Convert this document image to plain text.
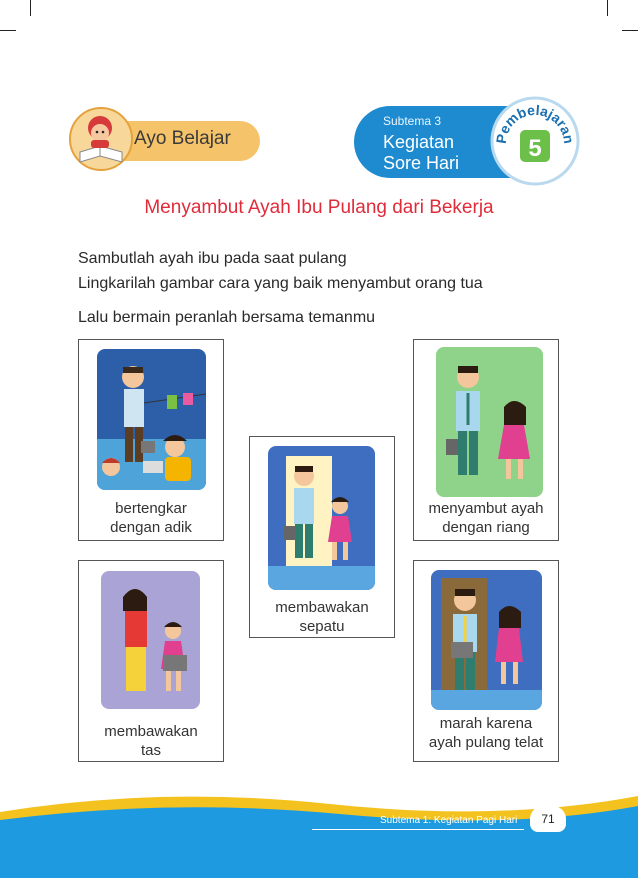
Ayo Belajar
Subtema 3
Kegiatan
Sore Hari
Pembelajaran
5
Menyambut Ayah Ibu Pulang dari Bekerja
Sambutlah ayah ibu pada saat pulang
Lingkarilah gambar cara yang baik menyambut orang tua
Lalu bermain peranlah bersama temanmu
bertengkar
dengan adik
membawakan
sepatu
menyambut ayah
dengan riang
membawakan
tas
marah karena
ayah pulang telat
Subtema 1: Kegiatan Pagi Hari	71
